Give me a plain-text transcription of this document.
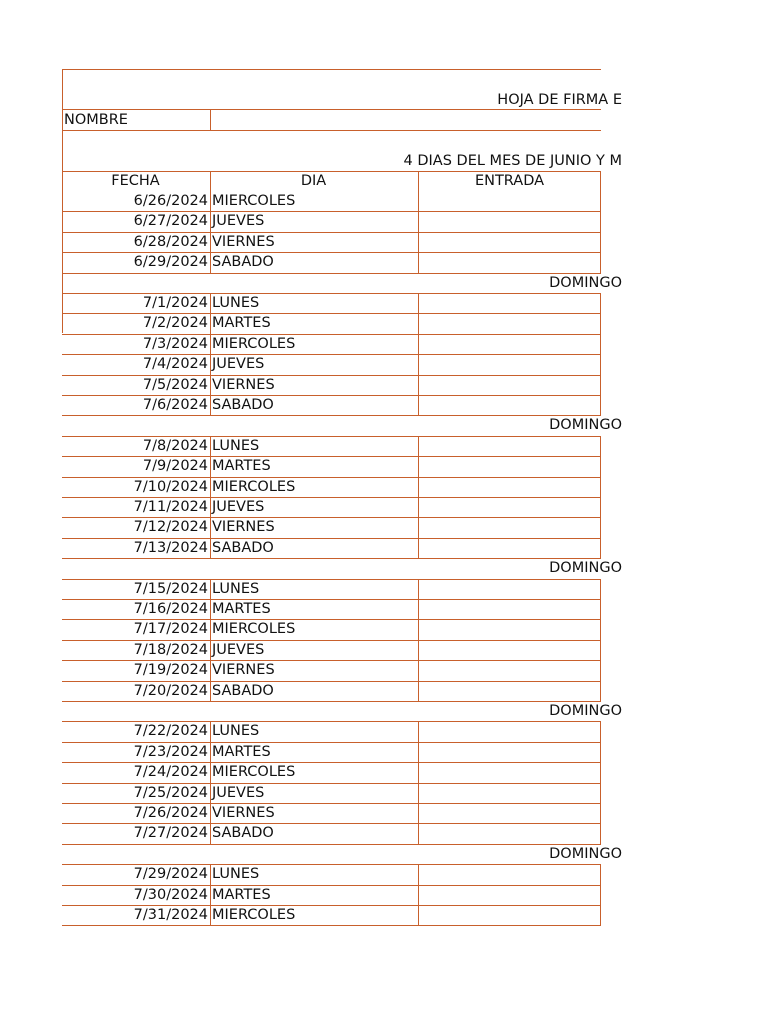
HOJA DE FIRMA E
NOMBRE
4 DIAS DEL MES DE JUNIO Y M
FECHA	DIA	ENTRADA
6/26/2024 MIERCOLES
6/27/2024 JUEVES
6/28/2024 VIERNES
6/29/2024 SABADO
DOMINGO
7/1/2024 LUNES
7/2/2024 MARTES
7/3/2024 MIERCOLES
7/4/2024 JUEVES
7/5/2024 VIERNES
7/6/2024 SABADO
DOMINGO
7/8/2024 LUNES
7/9/2024 MARTES
7/10/2024 MIERCOLES
7/11/2024 JUEVES
7/12/2024 VIERNES
7/13/2024 SABADO
DOMINGO
7/15/2024 LUNES
7/16/2024 MARTES
7/17/2024 MIERCOLES
7/18/2024 JUEVES
7/19/2024 VIERNES
7/20/2024 SABADO
DOMINGO
7/22/2024 LUNES
7/23/2024 MARTES
7/24/2024 MIERCOLES
7/25/2024 JUEVES
7/26/2024 VIERNES
7/27/2024 SABADO
DOMINGO
7/29/2024 LUNES
7/30/2024 MARTES
7/31/2024 MIERCOLES
